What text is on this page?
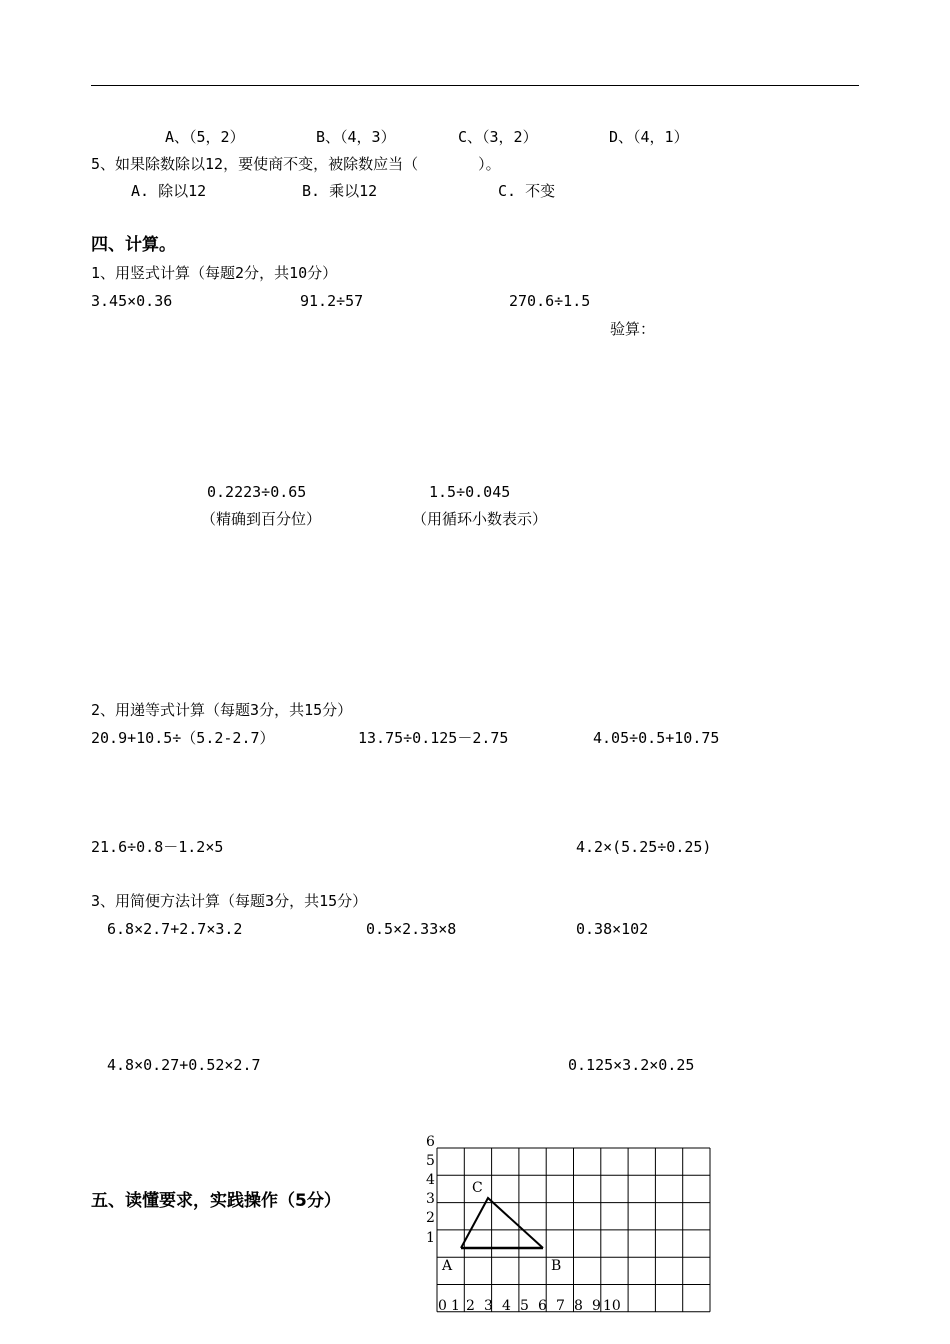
A、（5，2）	B、（4，3）	C、（3，2）	D、（4，1）
5、如果除数除以12，要使商不变，被除数应当（　　　　）。
A. 除以12	B. 乘以12	C. 不变
四、计算。
1、用竖式计算（每题2分，共10分）
3.45×0.36	91.2÷57	270.6÷1.5
验算：
0.2223÷0.65	1.5÷0.045
（精确到百分位）	（用循环小数表示）
2、用递等式计算（每题3分，共15分）
20.9+10.5÷（5.2-2.7）	13.75÷0.125－2.75	4.05÷0.5+10.75
21.6÷0.8－1.2×5	4.2×(5.25÷0.25)
3、用简便方法计算（每题3分，共15分）
6.8×2.7+2.7×3.2	0.5×2.33×8	0.38×102
4.8×0.27+0.52×2.7	0.125×3.2×0.25
五、读懂要求，实践操作（5分）
1
2
3
4
5
6
0 1 2 3 4 5 6 7 8 9 10
A	B
C
